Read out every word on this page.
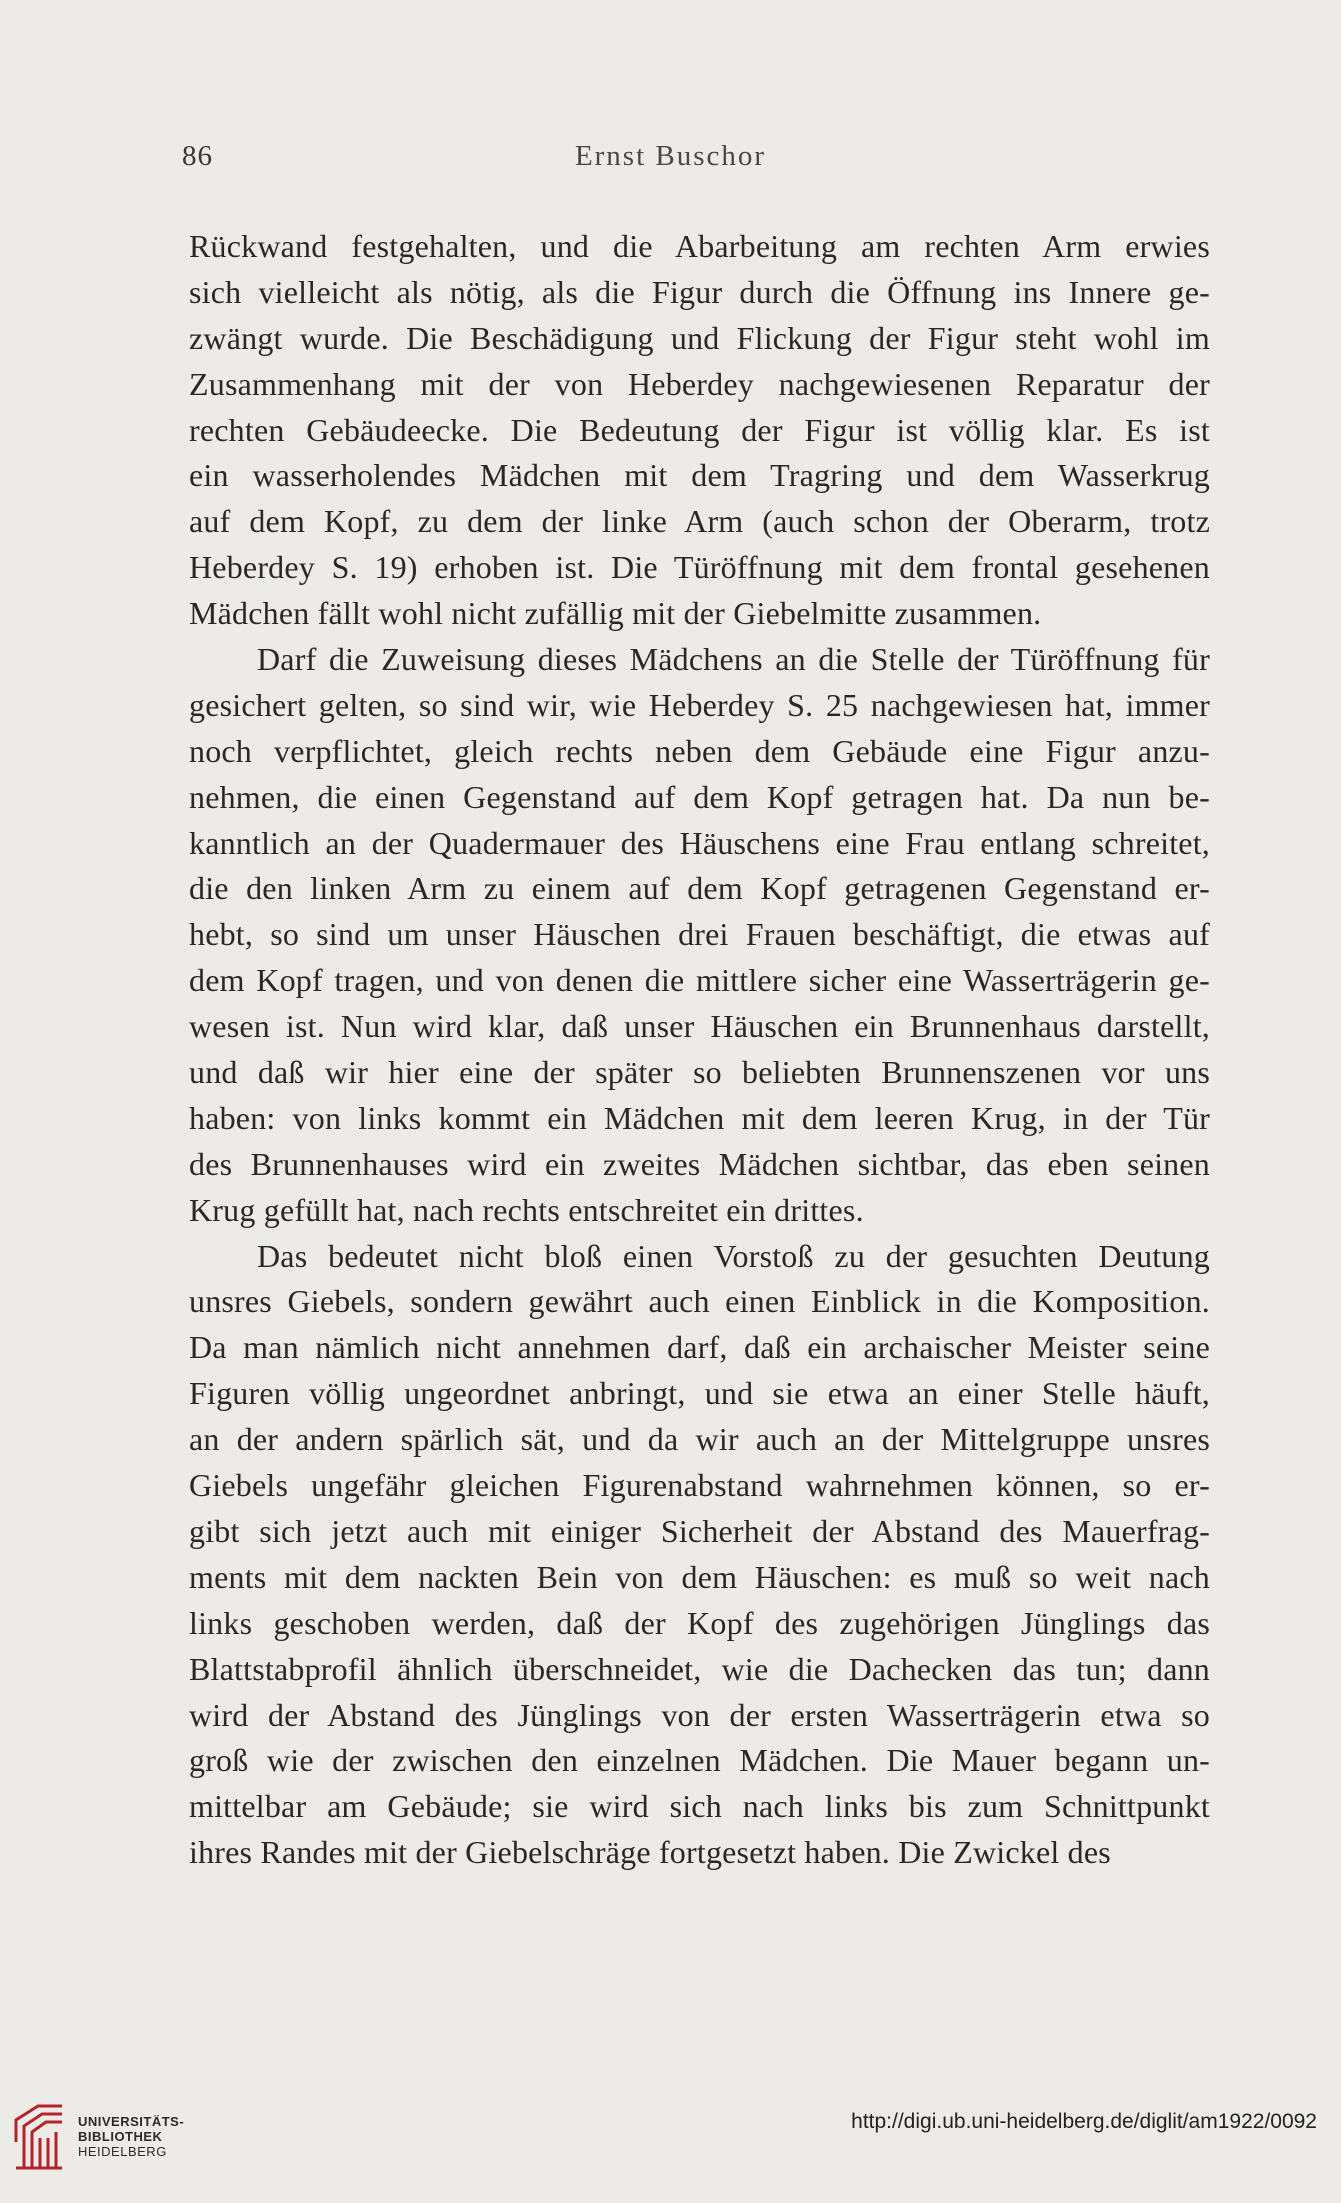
86	Ernst Buschor
Rückwand festgehalten, und die Abarbeitung am rechten Arm erwies
sich vielleicht als nötig, als die Figur durch die Öffnung ins Innere ge-
zwängt wurde. Die Beschädigung und Flickung der Figur steht wohl im
Zusammenhang mit der von Heberdey nachgewiesenen Reparatur der
rechten Gebäudeecke. Die Bedeutung der Figur ist völlig klar. Es ist
ein wasserholendes Mädchen mit dem Tragring und dem Wasserkrug
auf dem Kopf, zu dem der linke Arm (auch schon der Oberarm, trotz
Heberdey S. 19) erhoben ist. Die Türöffnung mit dem frontal gesehenen
Mädchen fällt wohl nicht zufällig mit der Giebelmitte zusammen.
Darf die Zuweisung dieses Mädchens an die Stelle der Türöffnung für
gesichert gelten, so sind wir, wie Heberdey S. 25 nachgewiesen hat, immer
noch verpflichtet, gleich rechts neben dem Gebäude eine Figur anzu-
nehmen, die einen Gegenstand auf dem Kopf getragen hat. Da nun be-
kanntlich an der Quadermauer des Häuschens eine Frau entlang schreitet,
die den linken Arm zu einem auf dem Kopf getragenen Gegenstand er-
hebt, so sind um unser Häuschen drei Frauen beschäftigt, die etwas auf
dem Kopf tragen, und von denen die mittlere sicher eine Wasserträgerin ge-
wesen ist. Nun wird klar, daß unser Häuschen ein Brunnenhaus darstellt,
und daß wir hier eine der später so beliebten Brunnenszenen vor uns
haben: von links kommt ein Mädchen mit dem leeren Krug, in der Tür
des Brunnenhauses wird ein zweites Mädchen sichtbar, das eben seinen
Krug gefüllt hat, nach rechts entschreitet ein drittes.
Das bedeutet nicht bloß einen Vorstoß zu der gesuchten Deutung
unsres Giebels, sondern gewährt auch einen Einblick in die Komposition.
Da man nämlich nicht annehmen darf, daß ein archaischer Meister seine
Figuren völlig ungeordnet anbringt, und sie etwa an einer Stelle häuft,
an der andern spärlich sät, und da wir auch an der Mittelgruppe unsres
Giebels ungefähr gleichen Figurenabstand wahrnehmen können, so er-
gibt sich jetzt auch mit einiger Sicherheit der Abstand des Mauerfrag-
ments mit dem nackten Bein von dem Häuschen: es muß so weit nach
links geschoben werden, daß der Kopf des zugehörigen Jünglings das
Blattstabprofil ähnlich überschneidet, wie die Dachecken das tun; dann
wird der Abstand des Jünglings von der ersten Wasserträgerin etwa so
groß wie der zwischen den einzelnen Mädchen. Die Mauer begann un-
mittelbar am Gebäude; sie wird sich nach links bis zum Schnittpunkt
ihres Randes mit der Giebelschräge fortgesetzt haben. Die Zwickel des
UNIVERSITÄTS-
BIBLIOTHEK
HEIDELBERG
http://digi.ub.uni-heidelberg.de/diglit/am1922/0092
